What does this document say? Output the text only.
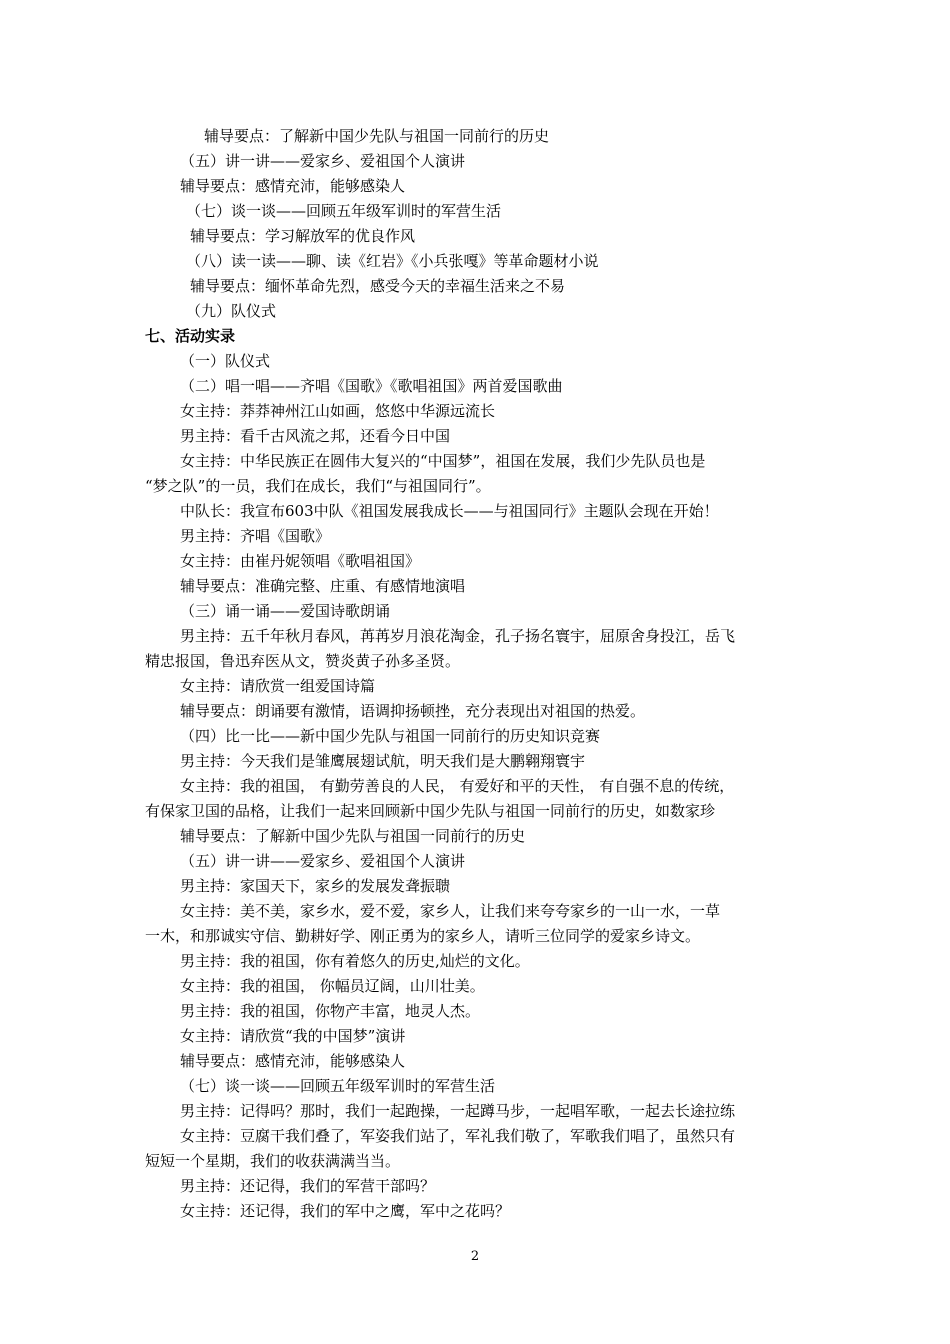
辅导要点：了解新中国少先队与祖国一同前行的历史
（五）讲一讲——爱家乡、爱祖国个人演讲
辅导要点：感情充沛，能够感染人
（七）谈一谈——回顾五年级军训时的军营生活
辅导要点：学习解放军的优良作风
（八）读一读——聊、读《红岩》《小兵张嘎》等革命题材小说
辅导要点：缅怀革命先烈，感受今天的幸福生活来之不易
（九）队仪式
七、活动实录
（一）队仪式
（二）唱一唱——齐唱《国歌》《歌唱祖国》两首爱国歌曲
女主持：莽莽神州江山如画，悠悠中华源远流长
男主持：看千古风流之邦，还看今日中国
女主持：中华民族正在圆伟大复兴的“中国梦”，祖国在发展，我们少先队员也是
“梦之队”的一员，我们在成长，我们“与祖国同行”。
中队长：我宣布603中队《祖国发展我成长——与祖国同行》主题队会现在开始！
男主持：齐唱《国歌》
女主持：由崔丹妮领唱《歌唱祖国》
辅导要点：准确完整、庄重、有感情地演唱
（三）诵一诵——爱国诗歌朗诵
男主持：五千年秋月春风，苒苒岁月浪花淘金，孔子扬名寰宇，屈原舍身投江，岳飞
精忠报国，鲁迅弃医从文，赞炎黄子孙多圣贤。
女主持：请欣赏一组爱国诗篇
辅导要点：朗诵要有激情，语调抑扬顿挫，充分表现出对祖国的热爱。
（四）比一比——新中国少先队与祖国一同前行的历史知识竞赛
男主持：今天我们是雏鹰展翅试航，明天我们是大鹏翱翔寰宇
女主持：我的祖国， 有勤劳善良的人民， 有爱好和平的天性， 有自强不息的传统，
有保家卫国的品格，让我们一起来回顾新中国少先队与祖国一同前行的历史，如数家珍
辅导要点：了解新中国少先队与祖国一同前行的历史
（五）讲一讲——爱家乡、爱祖国个人演讲
男主持：家国天下，家乡的发展发聋振聩
女主持：美不美，家乡水，爱不爱，家乡人，让我们来夸夸家乡的一山一水，一草
一木，和那诚实守信、勤耕好学、刚正勇为的家乡人，请听三位同学的爱家乡诗文。
男主持：我的祖国，你有着悠久的历史,灿烂的文化。
女主持：我的祖国， 你幅员辽阔，山川壮美。
男主持：我的祖国，你物产丰富，地灵人杰。
女主持：请欣赏“我的中国梦”演讲
辅导要点：感情充沛，能够感染人
（七）谈一谈——回顾五年级军训时的军营生活
男主持：记得吗？那时，我们一起跑操，一起蹲马步，一起唱军歌，一起去长途拉练
女主持：豆腐干我们叠了，军姿我们站了，军礼我们敬了，军歌我们唱了，虽然只有
短短一个星期，我们的收获满满当当。
男主持：还记得，我们的军营干部吗？
女主持：还记得，我们的军中之鹰，军中之花吗？
2
